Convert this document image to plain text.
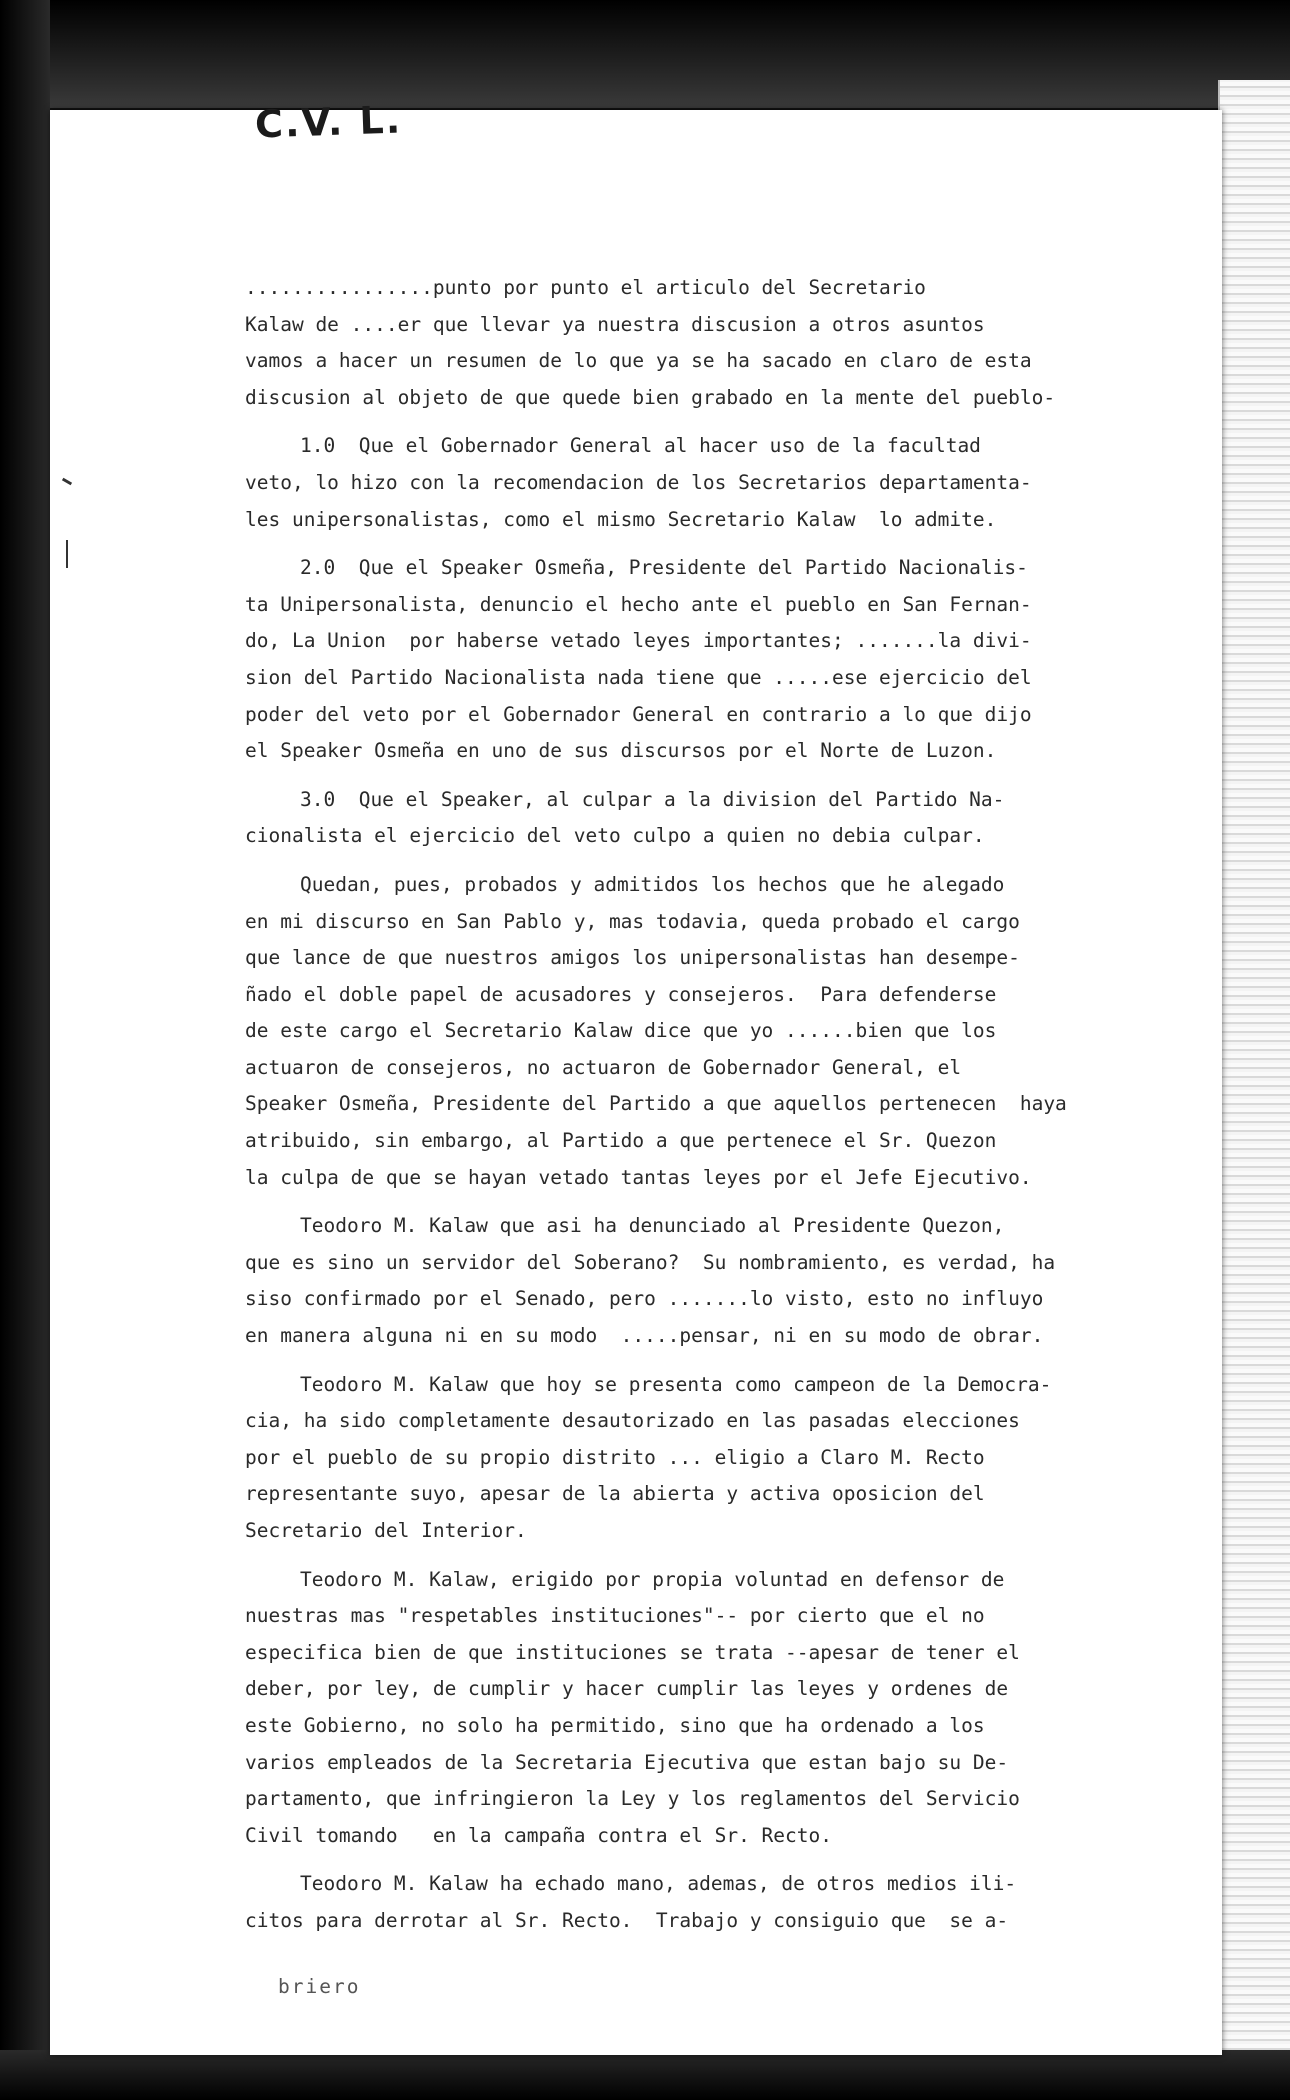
C.V. L.
................punto por punto el articulo del Secretario
Kalaw de ....er que llevar ya nuestra discusion a otros asuntos
vamos a hacer un resumen de lo que ya se ha sacado en claro de esta
discusion al objeto de que quede bien grabado en la mente del pueblo-
1.0  Que el Gobernador General al hacer uso de la facultad
veto, lo hizo con la recomendacion de los Secretarios departamenta-
les unipersonalistas, como el mismo Secretario Kalaw  lo admite.
2.0  Que el Speaker Osmeña, Presidente del Partido Nacionalis-
ta Unipersonalista, denuncio el hecho ante el pueblo en San Fernan-
do, La Union  por haberse vetado leyes importantes; .......la divi-
sion del Partido Nacionalista nada tiene que .....ese ejercicio del
poder del veto por el Gobernador General en contrario a lo que dijo
el Speaker Osmeña en uno de sus discursos por el Norte de Luzon.
3.0  Que el Speaker, al culpar a la division del Partido Na-
cionalista el ejercicio del veto culpo a quien no debia culpar.
Quedan, pues, probados y admitidos los hechos que he alegado
en mi discurso en San Pablo y, mas todavia, queda probado el cargo
que lance de que nuestros amigos los unipersonalistas han desempe-
ñado el doble papel de acusadores y consejeros.  Para defenderse
de este cargo el Secretario Kalaw dice que yo ......bien que los
actuaron de consejeros, no actuaron de Gobernador General, el
Speaker Osmeña, Presidente del Partido a que aquellos pertenecen  haya
atribuido, sin embargo, al Partido a que pertenece el Sr. Quezon
la culpa de que se hayan vetado tantas leyes por el Jefe Ejecutivo.
Teodoro M. Kalaw que asi ha denunciado al Presidente Quezon,
que es sino un servidor del Soberano?  Su nombramiento, es verdad, ha
siso confirmado por el Senado, pero .......lo visto, esto no influyo
en manera alguna ni en su modo  .....pensar, ni en su modo de obrar.
Teodoro M. Kalaw que hoy se presenta como campeon de la Democra-
cia, ha sido completamente desautorizado en las pasadas elecciones
por el pueblo de su propio distrito ... eligio a Claro M. Recto
representante suyo, apesar de la abierta y activa oposicion del
Secretario del Interior.
Teodoro M. Kalaw, erigido por propia voluntad en defensor de
nuestras mas "respetables instituciones"-- por cierto que el no
especifica bien de que instituciones se trata --apesar de tener el
deber, por ley, de cumplir y hacer cumplir las leyes y ordenes de
este Gobierno, no solo ha permitido, sino que ha ordenado a los
varios empleados de la Secretaria Ejecutiva que estan bajo su De-
partamento, que infringieron la Ley y los reglamentos del Servicio
Civil tomando   en la campaña contra el Sr. Recto.
Teodoro M. Kalaw ha echado mano, ademas, de otros medios ili-
citos para derrotar al Sr. Recto.  Trabajo y consiguio que  se a-
briero
